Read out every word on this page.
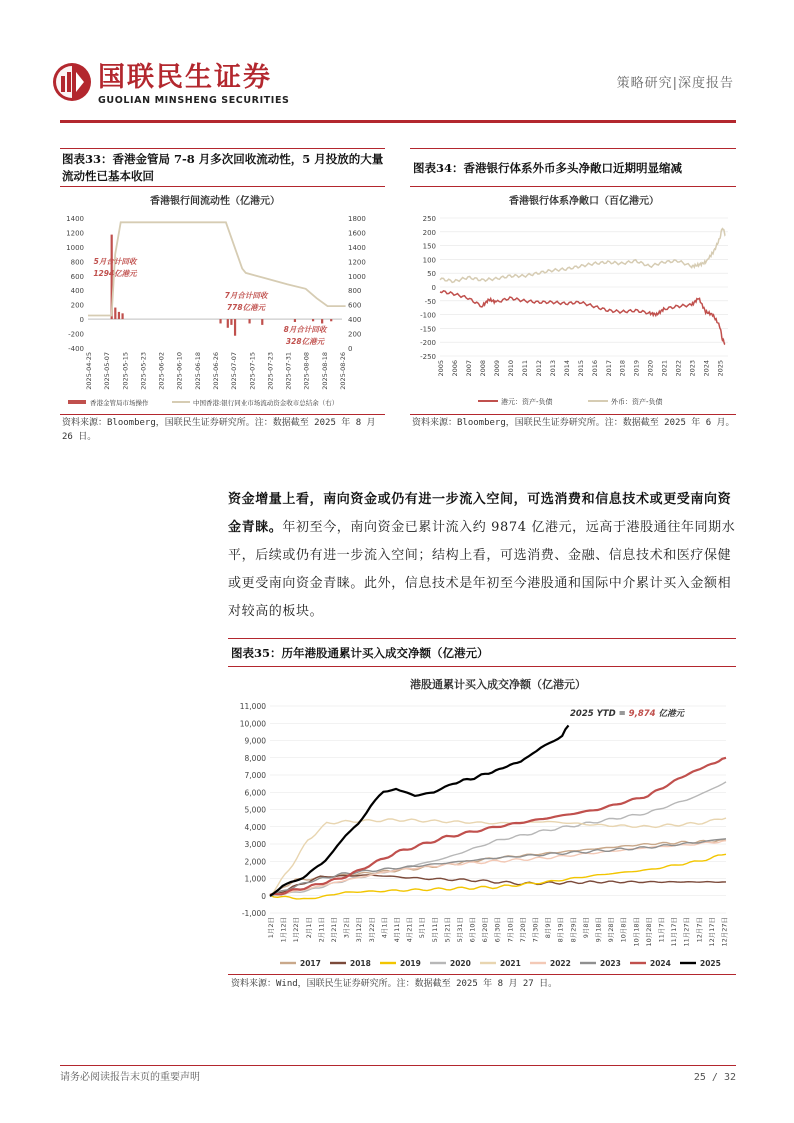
国联民生证券
GUOLIAN MINSHENG SECURITIES
策略研究|深度报告
图表33：香港金管局 7-8 月多次回收流动性，5 月投放的大量流动性已基本收回
香港银行间流动性（亿港元）
-400
-200
0
200
400
600
800
1000
1200
1400
0
200
400
600
800
1000
1200
1400
1600
1800
2025-04-25 2025-05-07 2025-05-15 2025-05-23 2025-06-02 2025-06-10 2025-06-18 2025-06-26 2025-07-07 2025-07-15 2025-07-23 2025-07-31 2025-08-08 2025-08-18 2025-08-26
5月合计回收
1294亿港元
7月合计回收
778亿港元
8月合计回收
328亿港元
香港金管局市场操作	中国香港:银行同业市场流动资金收市总结余（右）
资料来源：Bloomberg，国联民生证券研究所。注：数据截至 2025 年 8 月 26 日。
图表34：香港银行体系外币多头净敞口近期明显缩减
香港银行体系净敞口（百亿港元）
-250
-200
-150
-100
-50
0
50
100
150
200
250
2005 2006 2007 2008 2009 2010 2011 2012 2013 2014 2015 2016 2017 2018 2019 2020 2021 2022 2023 2024 2025
港元：资产-负债	外币：资产-负债
资料来源：Bloomberg，国联民生证券研究所。注：数据截至 2025 年 6 月。
资金增量上看，南向资金或仍有进一步流入空间，可选消费和信息技术或更受南向资金青睐。年初至今，南向资金已累计流入约 9874 亿港元，远高于港股通往年同期水平，后续或仍有进一步流入空间；结构上看，可选消费、金融、信息技术和医疗保健或更受南向资金青睐。此外，信息技术是年初至今港股通和国际中介累计买入金额相对较高的板块。
图表35：历年港股通累计买入成交净额（亿港元）
港股通累计买入成交净额（亿港元）
-1,000
0
1,000
2,000
3,000
4,000
5,000
6,000
7,000
8,000
9,000
10,000
11,000
1月2日 1月12日 1月22日 2月1日 2月11日 2月21日 3月2日 3月12日 3月22日 4月1日 4月11日 4月21日 5月1日 5月11日 5月21日 5月31日 6月10日 6月20日 6月30日 7月10日 7月20日 7月30日 8月9日 8月19日 8月29日 9月8日 9月18日 9月28日 10月8日 10月18日 10月28日 11月7日 11月17日 11月27日 12月7日 12月17日 12月27日
2025 YTD = 9,874 亿港元
2017	2018	2019	2020	2021	2022	2023	2024	2025
资料来源：Wind，国联民生证券研究所。注：数据截至 2025 年 8 月 27 日。
请务必阅读报告末页的重要声明	25 / 32
